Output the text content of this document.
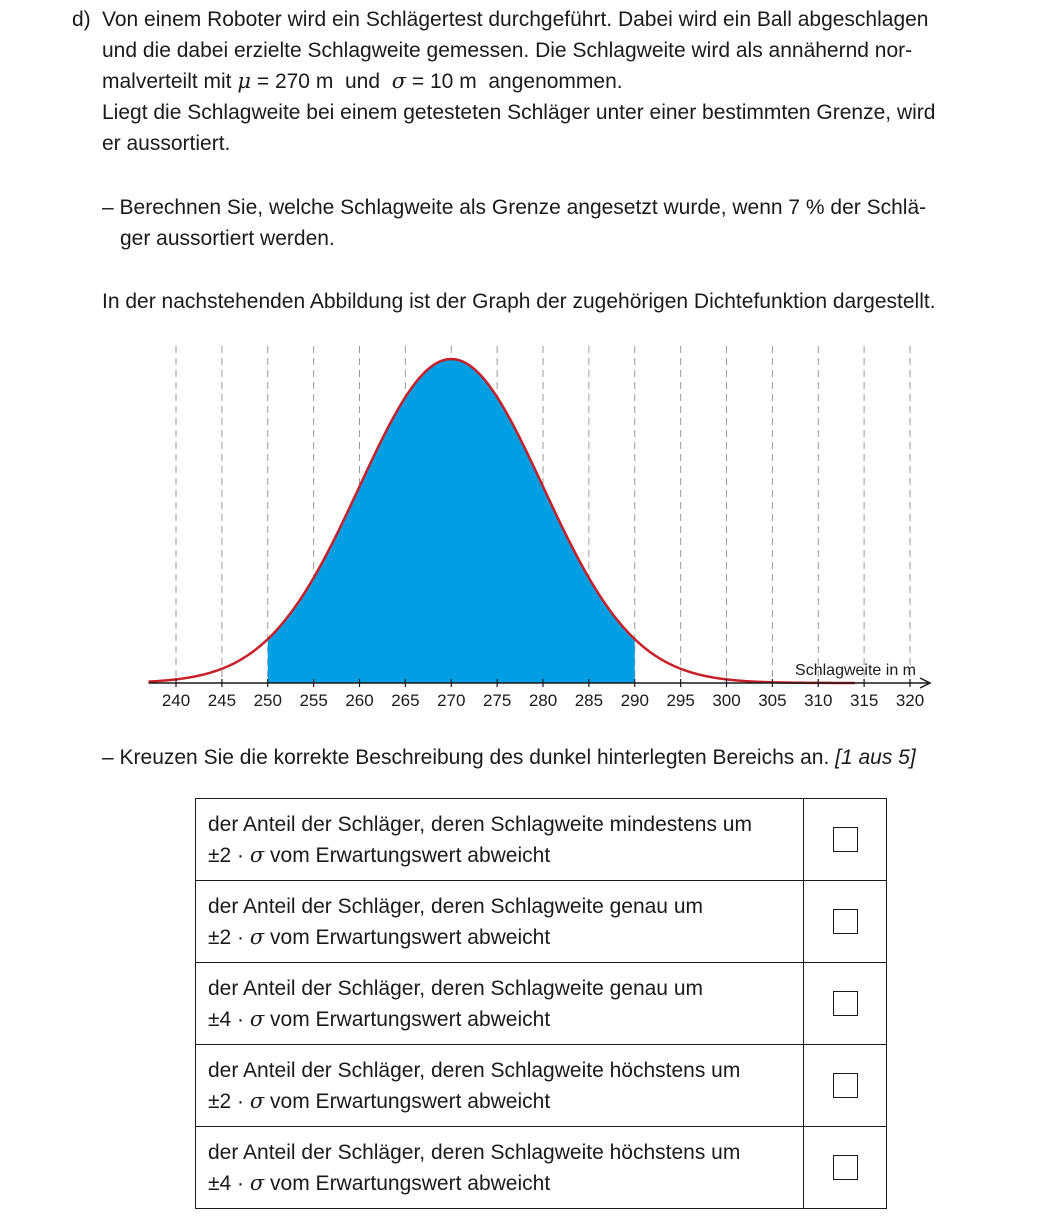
d) Von einem Roboter wird ein Schlägertest durchgeführt. Dabei wird ein Ball abgeschlagen
und die dabei erzielte Schlagweite gemessen. Die Schlagweite wird als annähernd nor-
malverteilt mit μ = 270 m  und  σ = 10 m  angenommen.
Liegt die Schlagweite bei einem getesteten Schläger unter einer bestimmten Grenze, wird
er aussortiert.
– Berechnen Sie, welche Schlagweite als Grenze angesetzt wurde, wenn 7 % der Schlä-
ger aussortiert werden.
In der nachstehenden Abbildung ist der Graph der zugehörigen Dichtefunktion dargestellt.
240 245 250 255 260 265 270 275 280 285 290 295 300 305 310 315 320
Schlagweite in m
– Kreuzen Sie die korrekte Beschreibung des dunkel hinterlegten Bereichs an. [1 aus 5]
der Anteil der Schläger, deren Schlagweite mindestens um
±2 · σ vom Erwartungswert abweicht	

der Anteil der Schläger, deren Schlagweite genau um
±2 · σ vom Erwartungswert abweicht	

der Anteil der Schläger, deren Schlagweite genau um
±4 · σ vom Erwartungswert abweicht	

der Anteil der Schläger, deren Schlagweite höchstens um
±2 · σ vom Erwartungswert abweicht	

der Anteil der Schläger, deren Schlagweite höchstens um
±4 · σ vom Erwartungswert abweicht	
